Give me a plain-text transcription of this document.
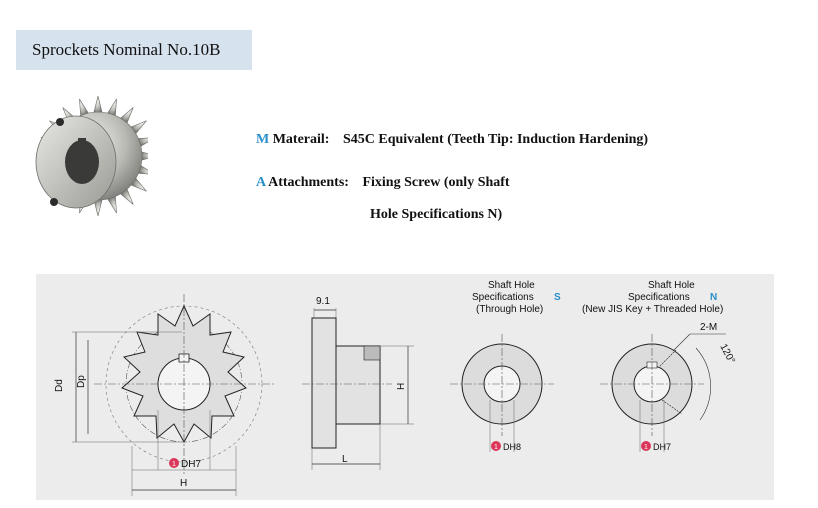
Sprockets Nominal No.10B
M Materail: S45C Equivalent (Teeth Tip: Induction Hardening)
A Attachments: Fixing Screw (only Shaft
Hole Specifications N)
Dd Dp
1 DH7
H
9.1
H
L
Shaft Hole
Specifications S
(Through Hole)
1 DH8
Shaft Hole
Specifications N
(New JIS Key + Threaded Hole)
2-M
120°
1 DH7
